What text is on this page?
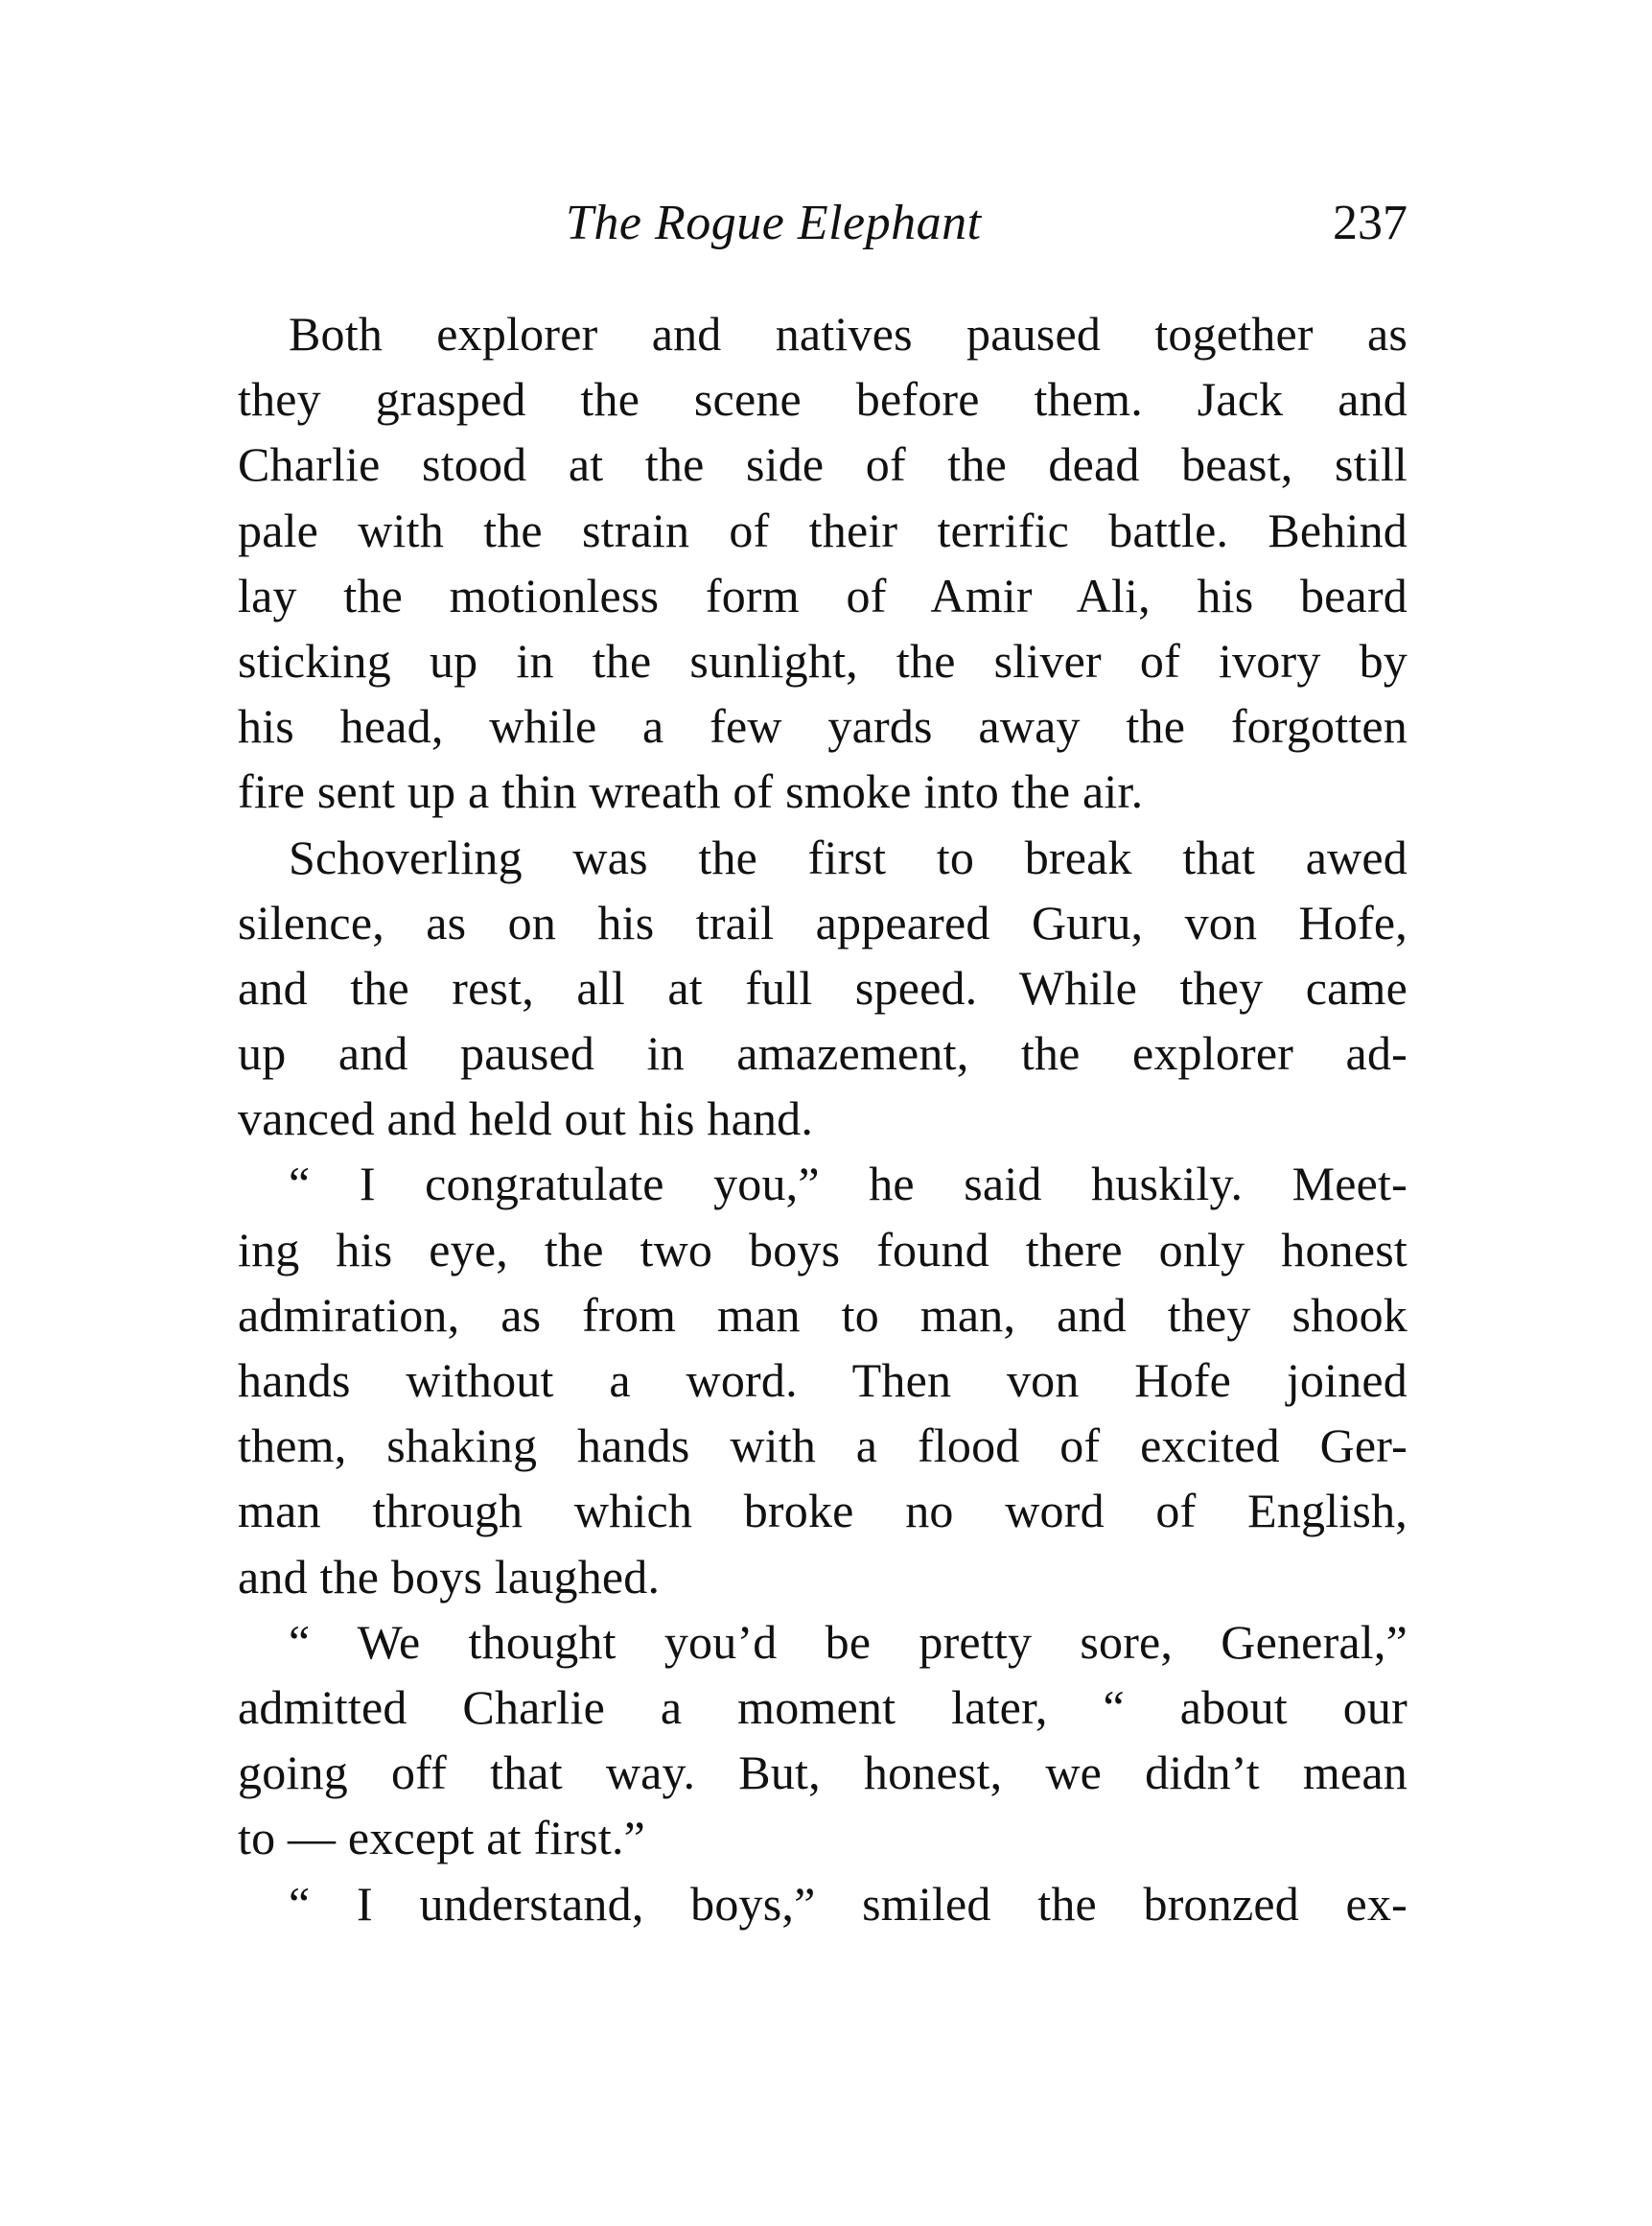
The Rogue Elephant	237
Both explorer and natives paused together as
they grasped the scene before them. Jack and
Charlie stood at the side of the dead beast, still
pale with the strain of their terrific battle. Behind
lay the motionless form of Amir Ali, his beard
sticking up in the sunlight, the sliver of ivory by
his head, while a few yards away the forgotten
fire sent up a thin wreath of smoke into the air.
Schoverling was the first to break that awed
silence, as on his trail appeared Guru, von Hofe,
and the rest, all at full speed. While they came
up and paused in amazement, the explorer ad-
vanced and held out his hand.
“ I congratulate you,” he said huskily. Meet-
ing his eye, the two boys found there only honest
admiration, as from man to man, and they shook
hands without a word. Then von Hofe joined
them, shaking hands with a flood of excited Ger-
man through which broke no word of English,
and the boys laughed.
“ We thought you’d be pretty sore, General,”
admitted Charlie a moment later, “ about our
going off that way. But, honest, we didn’t mean
to — except at first.”
“ I understand, boys,” smiled the bronzed ex-
